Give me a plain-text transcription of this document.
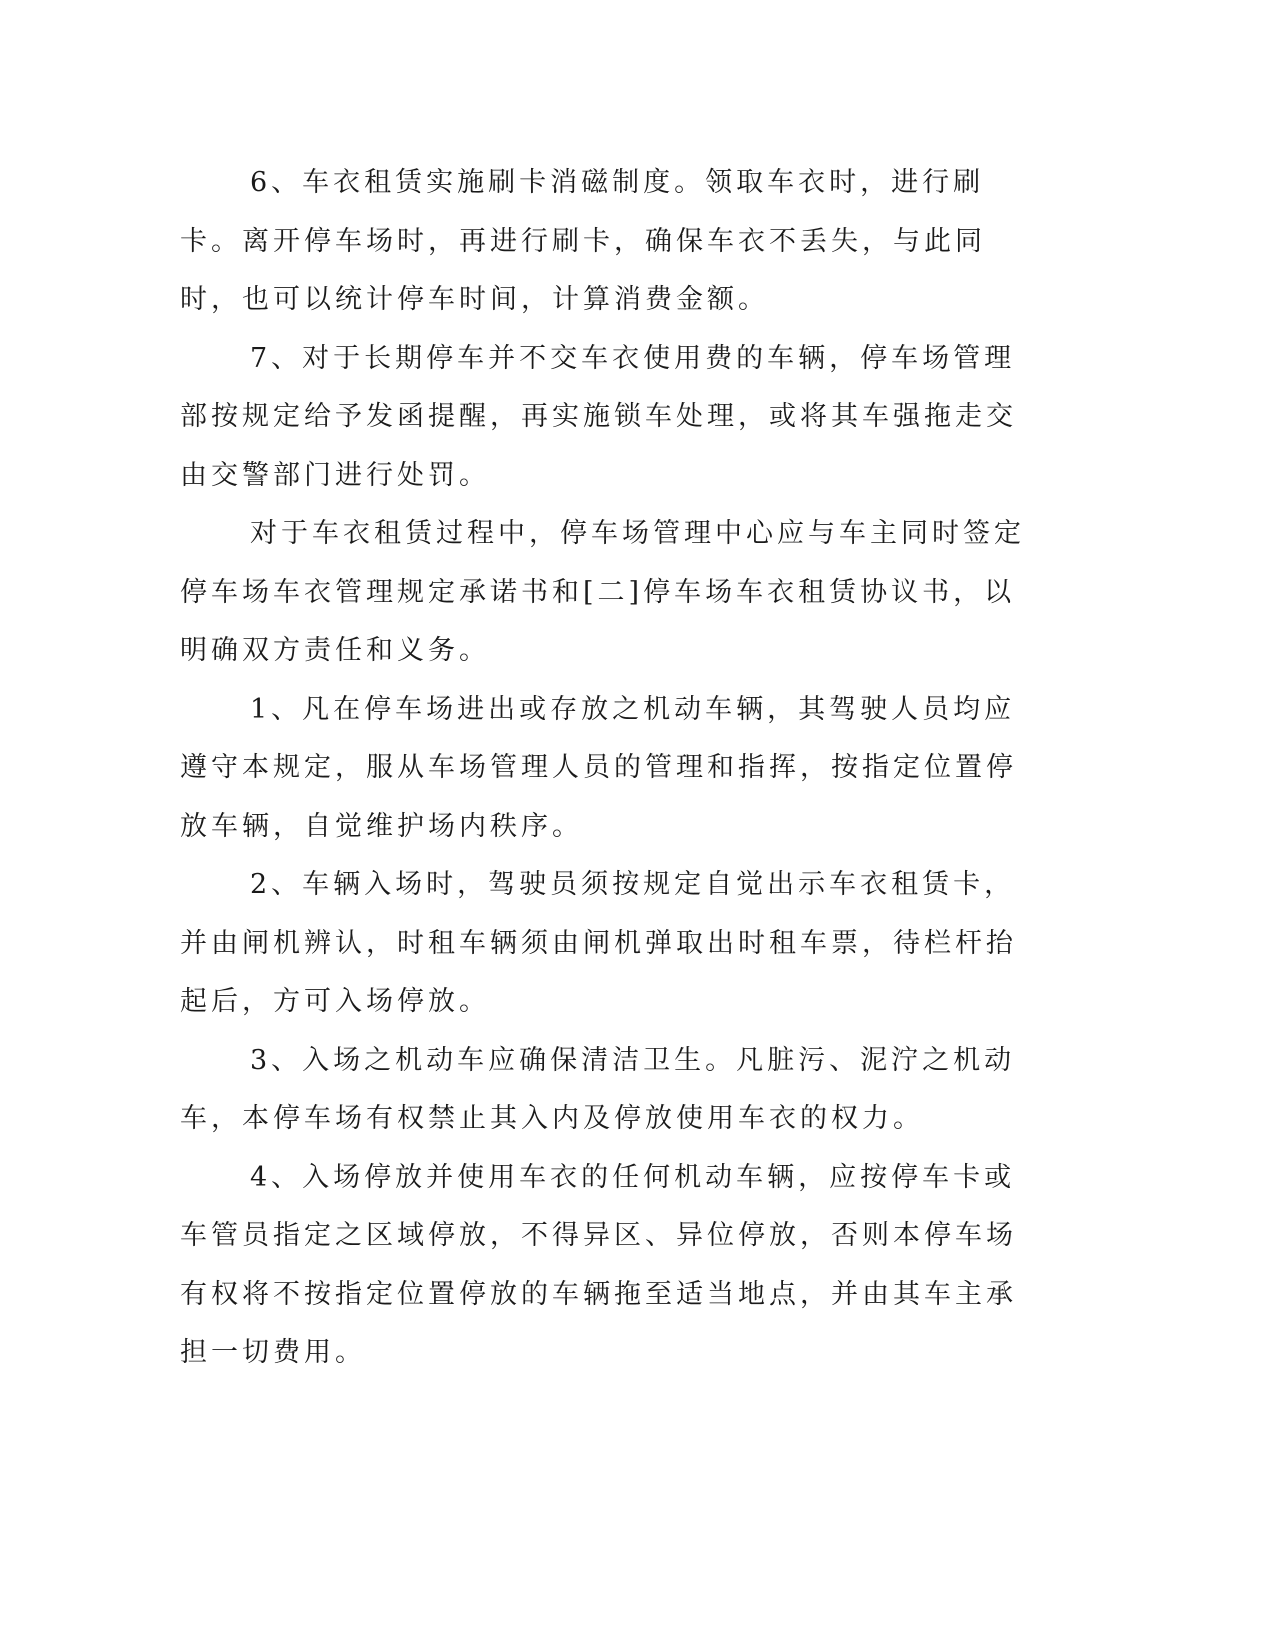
6、车衣租赁实施刷卡消磁制度。领取车衣时，进行刷卡。离开停车场时，再进行刷卡，确保车衣不丢失，与此同时，也可以统计停车时间，计算消费金额。

7、对于长期停车并不交车衣使用费的车辆，停车场管理部按规定给予发函提醒，再实施锁车处理，或将其车强拖走交由交警部门进行处罚。

对于车衣租赁过程中，停车场管理中心应与车主同时签定停车场车衣管理规定承诺书和[二]停车场车衣租赁协议书，以明确双方责任和义务。

1、凡在停车场进出或存放之机动车辆，其驾驶人员均应遵守本规定，服从车场管理人员的管理和指挥，按指定位置停放车辆，自觉维护场内秩序。

2、车辆入场时，驾驶员须按规定自觉出示车衣租赁卡，并由闸机辨认，时租车辆须由闸机弹取出时租车票，待栏杆抬起后，方可入场停放。

3、入场之机动车应确保清洁卫生。凡脏污、泥泞之机动车，本停车场有权禁止其入内及停放使用车衣的权力。

4、入场停放并使用车衣的任何机动车辆，应按停车卡或车管员指定之区域停放，不得异区、异位停放，否则本停车场有权将不按指定位置停放的车辆拖至适当地点，并由其车主承担一切费用。
